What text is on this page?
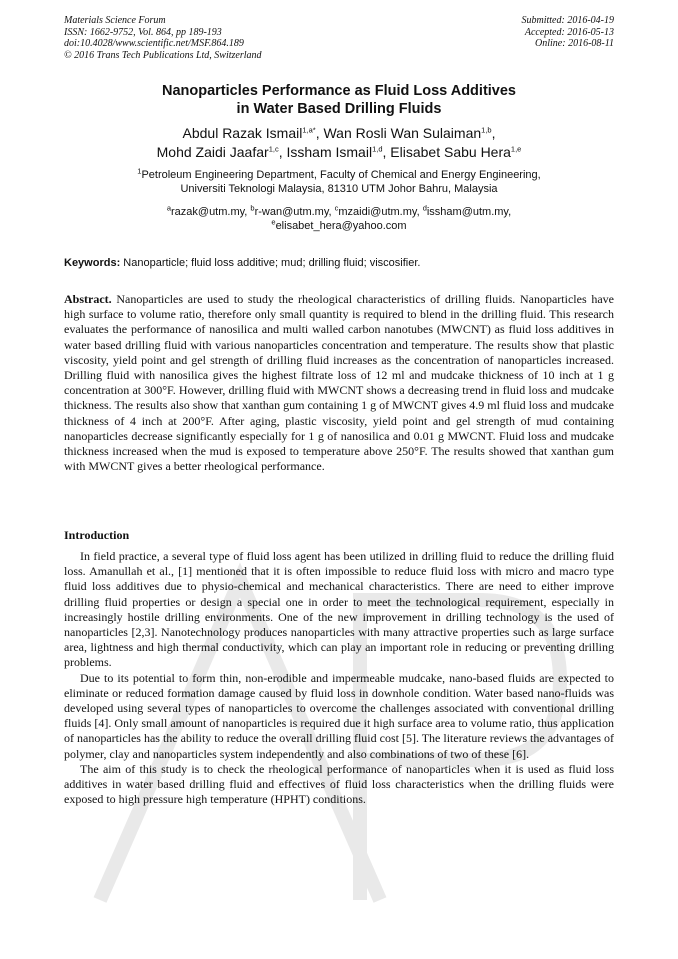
Materials Science Forum
ISSN: 1662-9752, Vol. 864, pp 189-193
doi:10.4028/www.scientific.net/MSF.864.189
© 2016 Trans Tech Publications Ltd, Switzerland
Submitted: 2016-04-19
Accepted: 2016-05-13
Online: 2016-08-11
Nanoparticles Performance as Fluid Loss Additives
in Water Based Drilling Fluids
Abdul Razak Ismail$^{1,a*}$, Wan Rosli Wan Sulaiman$^{1,b}$,
Mohd Zaidi Jaafar$^{1,c}$, Issham Ismail$^{1,d}$, Elisabet Sabu Hera$^{1,e}$
$^1$Petroleum Engineering Department, Faculty of Chemical and Energy Engineering,
Universiti Teknologi Malaysia, 81310 UTM Johor Bahru, Malaysia
$^a$razak@utm.my, $^b$r-wan@utm.my, $^c$mzaidi@utm.my, $^d$issham@utm.my,
$^e$elisabet_hera@yahoo.com
Keywords: Nanoparticle; fluid loss additive; mud; drilling fluid; viscosifier.
Abstract. Nanoparticles are used to study the rheological characteristics of drilling fluids. Nanoparticles have high surface to volume ratio, therefore only small quantity is required to blend in the drilling fluid. This research evaluates the performance of nanosilica and multi walled carbon nanotubes (MWCNT) as fluid loss additives in water based drilling fluid with various nanoparticles concentration and temperature. The results show that plastic viscosity, yield point and gel strength of drilling fluid increases as the concentration of nanoparticles increased. Drilling fluid with nanosilica gives the highest filtrate loss of 12 ml and mudcake thickness of 10 inch at 1 g concentration at 300°F. However, drilling fluid with MWCNT shows a decreasing trend in fluid loss and mudcake thickness. The results also show that xanthan gum containing 1 g of MWCNT gives 4.9 ml fluid loss and mudcake thickness of 4 inch at 200°F. After aging, plastic viscosity, yield point and gel strength of mud containing nanoparticles decrease significantly especially for 1 g of nanosilica and 0.01 g MWCNT. Fluid loss and mudcake thickness increased when the mud is exposed to temperature above 250°F. The results showed that xanthan gum with MWCNT gives a better rheological performance.
Introduction

In field practice, a several type of fluid loss agent has been utilized in drilling fluid to reduce the drilling fluid loss. Amanullah et al., [1] mentioned that it is often impossible to reduce fluid loss with micro and macro type fluid loss additives due to physio-chemical and mechanical characteristics. There are need to either improve drilling fluid properties or design a special one in order to meet the technological requirement, especially in increasingly hostile drilling environments. One of the new improvement in drilling technology is the used of nanoparticles [2,3]. Nanotechnology produces nanoparticles with many attractive properties such as large surface area, lightness and high thermal conductivity, which can play an important role in reducing or preventing drilling problems.

Due to its potential to form thin, non-erodible and impermeable mudcake, nano-based fluids are expected to eliminate or reduced formation damage caused by fluid loss in downhole condition. Water based nano-fluids was developed using several types of nanoparticles to overcome the challenges associated with conventional drilling fluids [4]. Only small amount of nanoparticles is required due it high surface area to volume ratio, thus application of nanoparticles has the ability to reduce the overall drilling fluid cost [5]. The literature reviews the advantages of polymer, clay and nanoparticles system independently and also combinations of two of these [6].

The aim of this study is to check the rheological performance of nanoparticles when it is used as fluid loss additives in water based drilling fluid and effectives of fluid loss characteristics when the drilling fluids were exposed to high pressure high temperature (HPHT) conditions.
